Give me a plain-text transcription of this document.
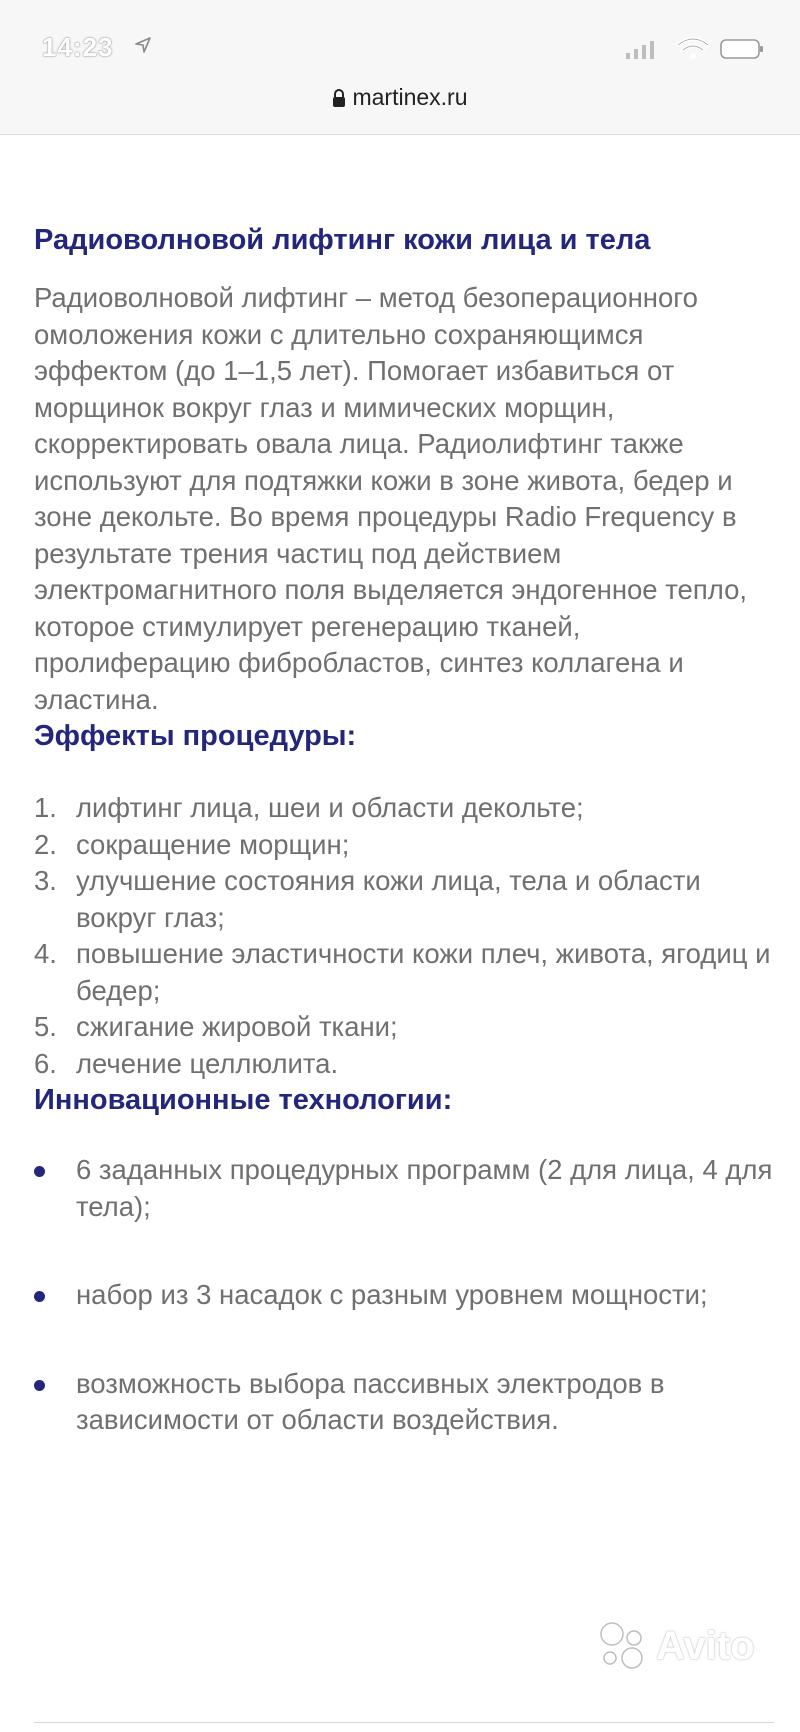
14:23
martinex.ru
Радиоволновой лифтинг кожи лица и тела

Радиоволновой лифтинг – метод безоперационного омоложения кожи с длительно сохраняющимся эффектом (до 1–1,5 лет). Помогает избавиться от морщинок вокруг глаз и мимических морщин, скорректировать овала лица. Радиолифтинг также используют для подтяжки кожи в зоне живота, бедер и зоне декольте. Во время процедуры Radio Frequency в результате трения частиц под действием электромагнитного поля выделяется эндогенное тепло, которое стимулирует регенерацию тканей, пролиферацию фибробластов, синтез коллагена и эластина.

Эффекты процедуры:
1. лифтинг лица, шеи и области декольте;
2. сокращение морщин;
3. улучшение состояния кожи лица, тела и области вокруг глаз;
4. повышение эластичности кожи плеч, живота, ягодиц и бедер;
5. сжигание жировой ткани;
6. лечение целлюлита.
Инновационные технологии:
6 заданных процедурных программ (2 для лица, 4 для тела);
набор из 3 насадок с разным уровнем мощности;
возможность выбора пассивных электродов в зависимости от области воздействия.
Avito
